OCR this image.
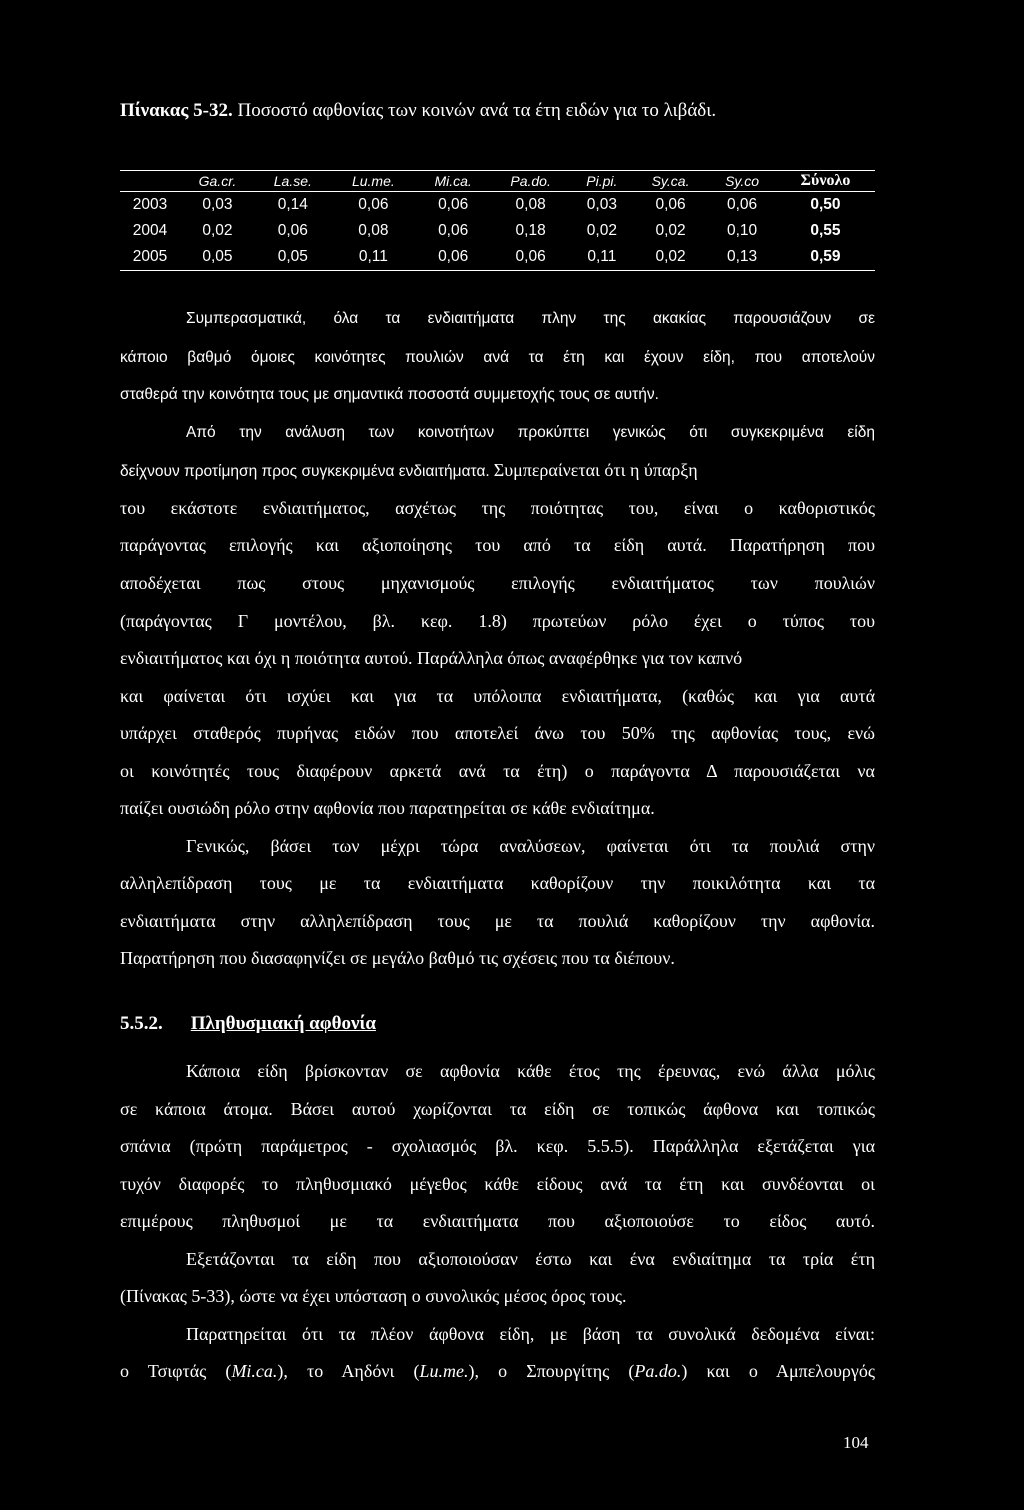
Πίνακας 5-32. Ποσοστό αφθονίας των κοινών ανά τα έτη ειδών για το λιβάδι.
	Ga.cr.	La.se.	Lu.me.	Mi.ca.	Pa.do.	Pi.pi.	Sy.ca.	Sy.co	Σύνολο
2003	0,03	0,14	0,06	0,06	0,08	0,03	0,06	0,06	0,50
2004	0,02	0,06	0,08	0,06	0,18	0,02	0,02	0,10	0,55
2005	0,05	0,05	0,11	0,06	0,06	0,11	0,02	0,13	0,59
Συμπερασματικά, όλα τα ενδιαιτήματα πλην της ακακίας παρουσιάζουν σε
κάποιο βαθμό όμοιες κοινότητες πουλιών ανά τα έτη και έχουν είδη, που αποτελούν
σταθερά την κοινότητα τους με σημαντικά ποσοστά συμμετοχής τους σε αυτήν.
Από την ανάλυση των κοινοτήτων προκύπτει γενικώς ότι συγκεκριμένα είδη
δείχνουν προτίμηση προς συγκεκριμένα ενδιαιτήματα. Συμπεραίνεται ότι η ύπαρξη
του εκάστοτε ενδιαιτήματος, ασχέτως της ποιότητας του, είναι ο καθοριστικός
παράγοντας επιλογής και αξιοποίησης του από τα είδη αυτά. Παρατήρηση που
αποδέχεται πως στους μηχανισμούς επιλογής ενδιαιτήματος των πουλιών
(παράγοντας Γ μοντέλου, βλ. κεφ. 1.8) πρωτεύων ρόλο έχει ο τύπος του
ενδιαιτήματος και όχι η ποιότητα αυτού. Παράλληλα όπως αναφέρθηκε για τον καπνό
και φαίνεται ότι ισχύει και για τα υπόλοιπα ενδιαιτήματα, (καθώς και για αυτά
υπάρχει σταθερός πυρήνας ειδών που αποτελεί άνω του 50% της αφθονίας τους, ενώ
οι κοινότητές τους διαφέρουν αρκετά ανά τα έτη) ο παράγοντα Δ παρουσιάζεται να
παίζει ουσιώδη ρόλο στην αφθονία που παρατηρείται σε κάθε ενδιαίτημα.
Γενικώς, βάσει των μέχρι τώρα αναλύσεων, φαίνεται ότι τα πουλιά στην
αλληλεπίδραση τους με τα ενδιαιτήματα καθορίζουν την ποικιλότητα και τα
ενδιαιτήματα στην αλληλεπίδραση τους με τα πουλιά καθορίζουν την αφθονία.
Παρατήρηση που διασαφηνίζει σε μεγάλο βαθμό τις σχέσεις που τα διέπουν.
5.5.2. Πληθυσμιακή αφθονία
Κάποια είδη βρίσκονταν σε αφθονία κάθε έτος της έρευνας, ενώ άλλα μόλις
σε κάποια άτομα. Βάσει αυτού χωρίζονται τα είδη σε τοπικώς άφθονα και τοπικώς
σπάνια (πρώτη παράμετρος - σχολιασμός βλ. κεφ. 5.5.5). Παράλληλα εξετάζεται για
τυχόν διαφορές το πληθυσμιακό μέγεθος κάθε είδους ανά τα έτη και συνδέονται οι
επιμέρους πληθυσμοί με τα ενδιαιτήματα που αξιοποιούσε το είδος αυτό.
Εξετάζονται τα είδη που αξιοποιούσαν έστω και ένα ενδιαίτημα τα τρία έτη
(Πίνακας 5-33), ώστε να έχει υπόσταση ο συνολικός μέσος όρος τους.
Παρατηρείται ότι τα πλέον άφθονα είδη, με βάση τα συνολικά δεδομένα είναι:
ο Τσιφτάς (Mi.ca.), το Αηδόνι (Lu.me.), ο Σπουργίτης (Pa.do.) και ο Αμπελουργός
104
